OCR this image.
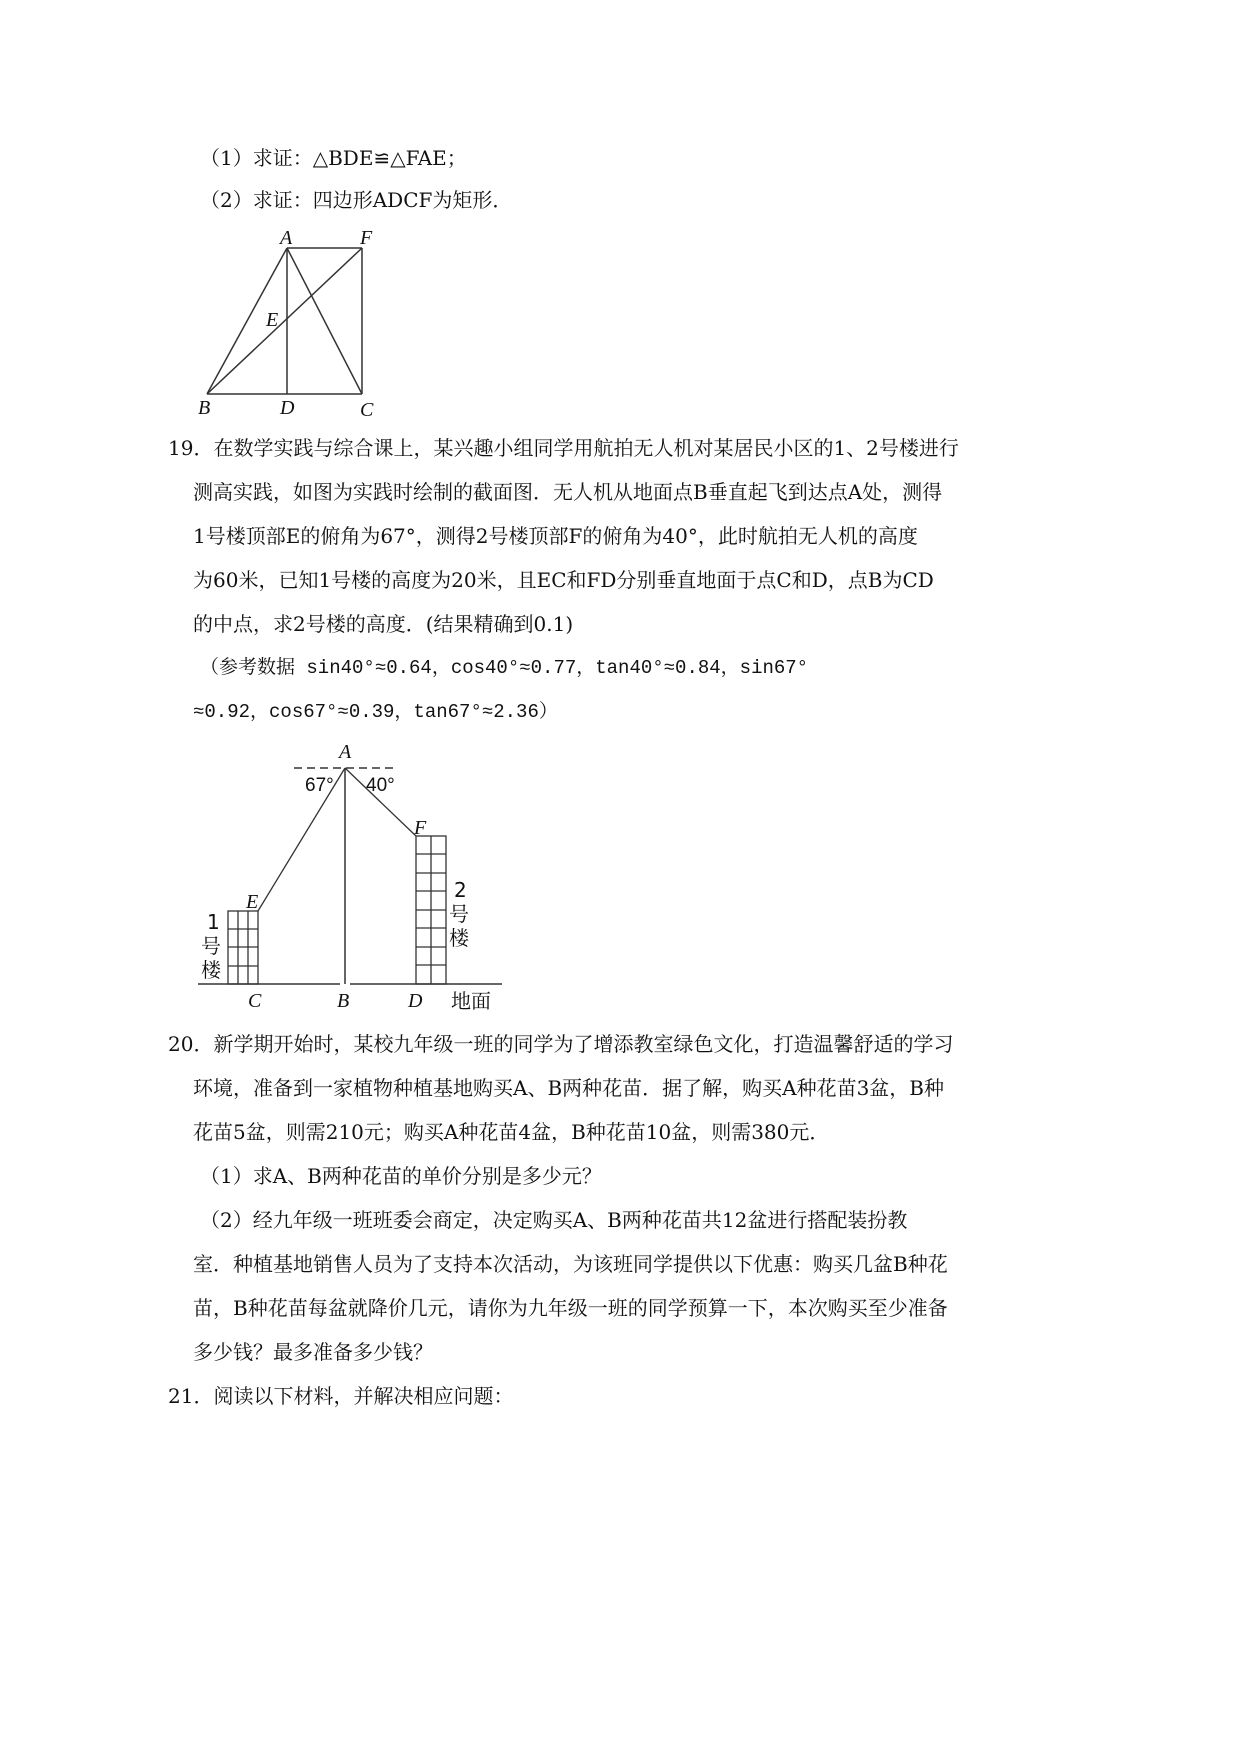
（1）求证：△BDE≌△FAE；
（2）求证：四边形ADCF为矩形．
A	F
E
B	D	C
19．在数学实践与综合课上，某兴趣小组同学用航拍无人机对某居民小区的1、2号楼进行
测高实践，如图为实践时绘制的截面图．无人机从地面点B垂直起飞到达点A处，测得
1号楼顶部E的俯角为67°，测得2号楼顶部F的俯角为40°，此时航拍无人机的高度
为60米，已知1号楼的高度为20米，且EC和FD分别垂直地面于点C和D，点B为CD
的中点，求2号楼的高度．(结果精确到0.1)
（参考数据 sin40°≈0.64，cos40°≈0.77，tan40°≈0.84，sin67°
≈0.92，cos67°≈0.39，tan67°≈2.36）
A
67° 40°
E
F
C	B	D 地面
1
号
楼
2
号
楼
20．新学期开始时，某校九年级一班的同学为了增添教室绿色文化，打造温馨舒适的学习
环境，准备到一家植物种植基地购买A、B两种花苗．据了解，购买A种花苗3盆，B种
花苗5盆，则需210元；购买A种花苗4盆，B种花苗10盆，则需380元．
（1）求A、B两种花苗的单价分别是多少元？
（2）经九年级一班班委会商定，决定购买A、B两种花苗共12盆进行搭配装扮教
室．种植基地销售人员为了支持本次活动，为该班同学提供以下优惠：购买几盆B种花
苗，B种花苗每盆就降价几元，请你为九年级一班的同学预算一下，本次购买至少准备
多少钱？最多准备多少钱？
21．阅读以下材料，并解决相应问题：
